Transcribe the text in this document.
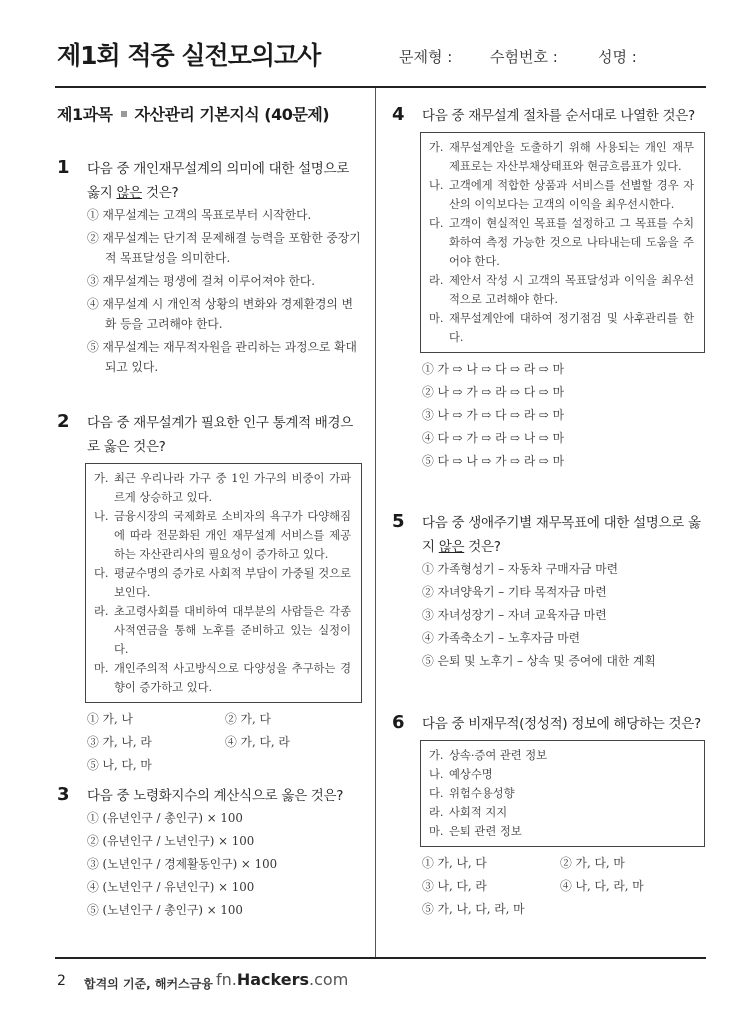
제1회 적중 실전모의고사	문제형 :	수험번호 :	성명 :
제1과목 자산관리 기본지식 (40문제)
1 다음 중 개인재무설계의 의미에 대한 설명으로 옳지 않은 것은?
① 재무설계는 고객의 목표로부터 시작한다.
② 재무설계는 단기적 문제해결 능력을 포함한 중장기적 목표달성을 의미한다.
③ 재무설계는 평생에 걸쳐 이루어져야 한다.
④ 재무설계 시 개인적 상황의 변화와 경제환경의 변화 등을 고려해야 한다.
⑤ 재무설계는 재무적자원을 관리하는 과정으로 확대되고 있다.
2 다음 중 재무설계가 필요한 인구 통계적 배경으로 옳은 것은?
가. 최근 우리나라 가구 중 1인 가구의 비중이 가파르게 상승하고 있다.
나. 금융시장의 국제화로 소비자의 욕구가 다양해짐에 따라 전문화된 개인 재무설계 서비스를 제공하는 자산관리사의 필요성이 증가하고 있다.
다. 평균수명의 증가로 사회적 부담이 가중될 것으로 보인다.
라. 초고령사회를 대비하여 대부분의 사람들은 각종 사적연금을 통해 노후를 준비하고 있는 실정이다.
마. 개인주의적 사고방식으로 다양성을 추구하는 경향이 증가하고 있다.
① 가, 나	② 가, 다
③ 가, 나, 라	④ 가, 다, 라
⑤ 나, 다, 마
3 다음 중 노령화지수의 계산식으로 옳은 것은?
① (유년인구 / 총인구) × 100
② (유년인구 / 노년인구) × 100
③ (노년인구 / 경제활동인구) × 100
④ (노년인구 / 유년인구) × 100
⑤ (노년인구 / 총인구) × 100
4 다음 중 재무설계 절차를 순서대로 나열한 것은?
가. 재무설계안을 도출하기 위해 사용되는 개인 재무제표로는 자산부채상태표와 현금흐름표가 있다.
나. 고객에게 적합한 상품과 서비스를 선별할 경우 자산의 이익보다는 고객의 이익을 최우선시한다.
다. 고객이 현실적인 목표를 설정하고 그 목표를 수치화하여 측정 가능한 것으로 나타내는데 도움을 주어야 한다.
라. 제안서 작성 시 고객의 목표달성과 이익을 최우선적으로 고려해야 한다.
마. 재무설계안에 대하여 정기점검 및 사후관리를 한다.
① 가 ⇨ 나 ⇨ 다 ⇨ 라 ⇨ 마
② 나 ⇨ 가 ⇨ 라 ⇨ 다 ⇨ 마
③ 나 ⇨ 가 ⇨ 다 ⇨ 라 ⇨ 마
④ 다 ⇨ 가 ⇨ 라 ⇨ 나 ⇨ 마
⑤ 다 ⇨ 나 ⇨ 가 ⇨ 라 ⇨ 마
5 다음 중 생애주기별 재무목표에 대한 설명으로 옳지 않은 것은?
① 가족형성기 – 자동차 구매자금 마련
② 자녀양육기 – 기타 목적자금 마련
③ 자녀성장기 – 자녀 교육자금 마련
④ 가족축소기 – 노후자금 마련
⑤ 은퇴 및 노후기 – 상속 및 증여에 대한 계획
6 다음 중 비재무적(정성적) 정보에 해당하는 것은?
가. 상속·증여 관련 정보
나. 예상수명
다. 위험수용성향
라. 사회적 지지
마. 은퇴 관련 정보
① 가, 나, 다	② 가, 다, 마
③ 나, 다, 라	④ 나, 다, 라, 마
⑤ 가, 나, 다, 라, 마
2 합격의 기준, 해커스금융 fn.Hackers.com
